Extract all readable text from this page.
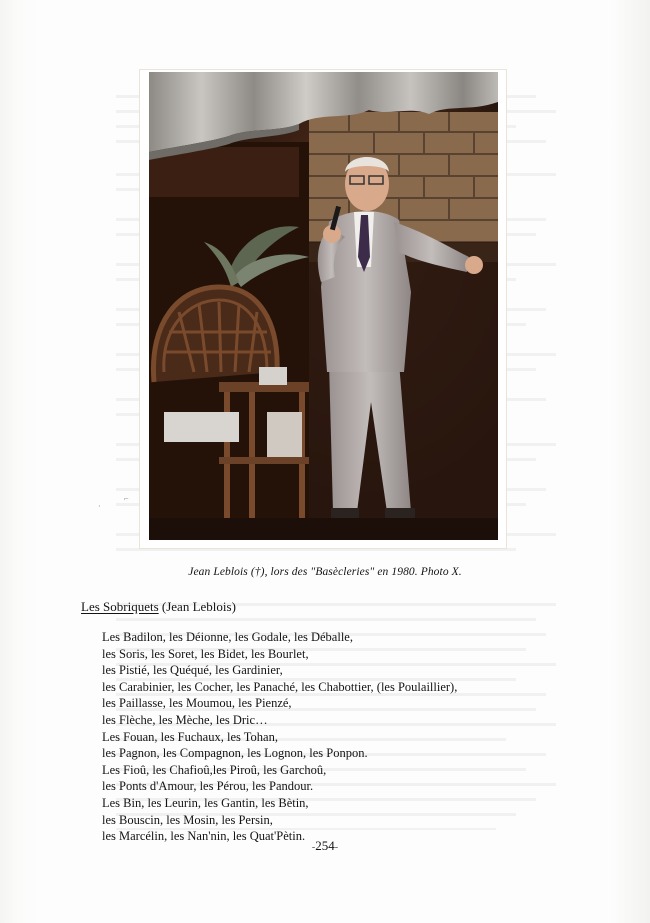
⌐
·
Jean Leblois (†), lors des "Basècleries" en 1980. Photo X.
Les Sobriquets (Jean Leblois)
Les Badilon, les Déionne, les Godale, les Déballe,
les Soris, les Soret, les Bidet, les Bourlet,
les Pistié, les Quéqué, les Gardinier,
les Carabinier, les Cocher, les Panaché, les Chabottier, (les Poulaillier),
les Paillasse, les Moumou, les Pienzé,
les Flèche, les Mèche, les Dric…
Les Fouan, les Fuchaux, les Tohan,
les Pagnon, les Compagnon, les Lognon, les Ponpon.
Les Fioû, les Chafioû,les Piroû, les Garchoû,
les Ponts d'Amour, les Pérou, les Pandour.
Les Bin, les Leurin, les Gantin, les Bètin,
les Bouscin, les Mosin, les Persin,
les Marcélin, les Nan'nin, les Quat'Pètin.
-254-
